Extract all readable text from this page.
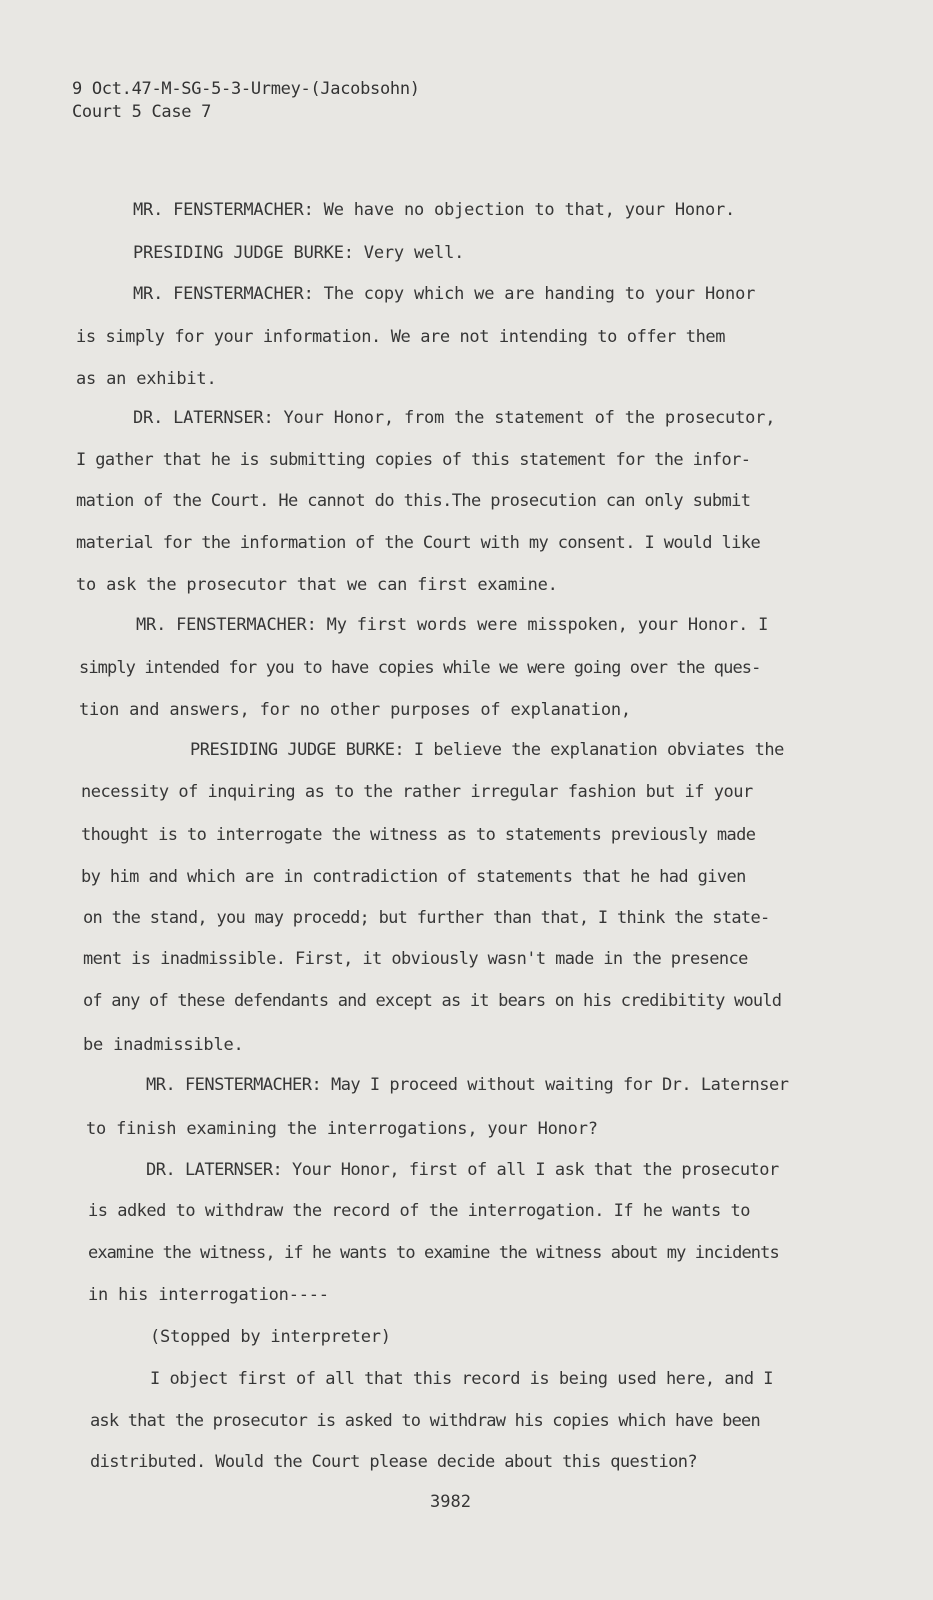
9 Oct.47-M-SG-5-3-Urmey-(Jacobsohn)
Court 5 Case 7
MR. FENSTERMACHER: We have no objection to that, your Honor.
PRESIDING JUDGE BURKE: Very well.
MR. FENSTERMACHER: The copy which we are handing to your Honor
is simply for your information. We are not intending to offer them
as an exhibit.
DR. LATERNSER: Your Honor, from the statement of the prosecutor,
I gather that he is submitting copies of this statement for the infor-
mation of the Court. He cannot do this.The prosecution can only submit
material for the information of the Court with my consent. I would like
to ask the prosecutor that we can first examine.
MR. FENSTERMACHER: My first words were misspoken, your Honor. I
simply intended for you to have copies while we were going over the ques-
tion and answers, for no other purposes of explanation,
PRESIDING JUDGE BURKE: I believe the explanation obviates the
necessity of inquiring as to the rather irregular fashion but if your
thought is to interrogate the witness as to statements previously made
by him and which are in contradiction of statements that he had given
on the stand, you may procedd; but further than that, I think the state-
ment is inadmissible. First, it obviously wasn't made in the presence
of any of these defendants and except as it bears on his credibitity would
be inadmissible.
MR. FENSTERMACHER: May I proceed without waiting for Dr. Laternser
to finish examining the interrogations, your Honor?
DR. LATERNSER: Your Honor, first of all I ask that the prosecutor
is adked to withdraw the record of the interrogation. If he wants to
examine the witness, if he wants to examine the witness about my incidents
in his interrogation----
(Stopped by interpreter)
I object first of all that this record is being used here, and I
ask that the prosecutor is asked to withdraw his copies which have been
distributed. Would the Court please decide about this question?
3982
